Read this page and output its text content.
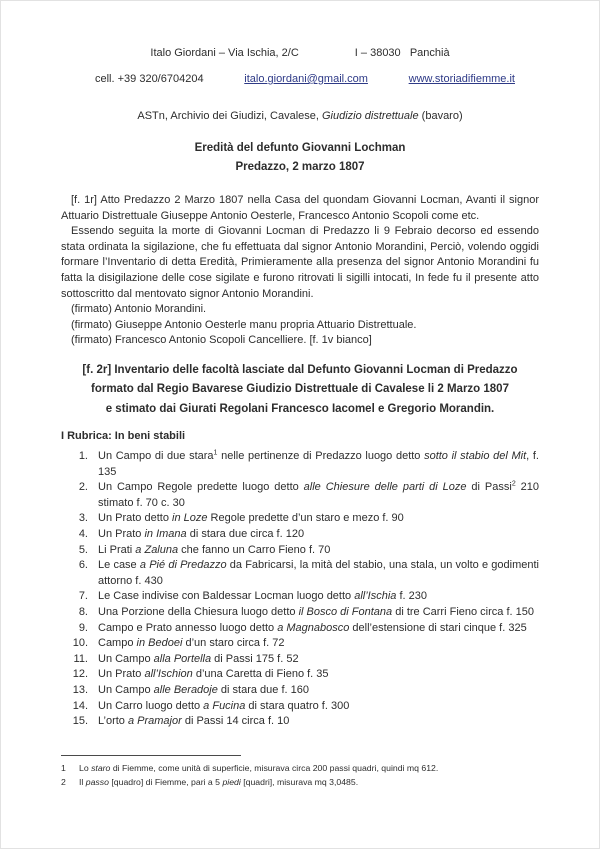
Italo Giordani – Via Ischia, 2/C	I – 38030   Panchià
cell. +39 320/6704204	italo.giordani@gmail.com	www.storiadifiemme.it
ASTn, Archivio dei Giudizi, Cavalese, Giudizio distrettuale (bavaro)
Eredità del defunto Giovanni Lochman
Predazzo, 2 marzo 1807
[f. 1r] Atto Predazzo 2 Marzo 1807 nella Casa del quondam Giovanni Locman, Avanti il signor Attuario Distrettuale Giuseppe Antonio Oesterle, Francesco Antonio Scopoli come etc.
Essendo seguita la morte di Giovanni Locman di Predazzo li 9 Febraio decorso ed essendo stata ordinata la sigilazione, che fu effettuata dal signor Antonio Morandini, Perciò, volendo oggidi formare l’Inventario di detta Eredità, Primieramente alla presenza del signor Antonio Morandini fu fatta la disigilazione delle cose sigilate e furono ritrovati li sigilli intocati, In fede fu il presente atto sottoscritto dal mentovato signor Antonio Morandini.
(firmato) Antonio Morandini.
(firmato) Giuseppe Antonio Oesterle manu propria Attuario Distrettuale.
(firmato) Francesco Antonio Scopoli Cancelliere. [f. 1v bianco]
[f. 2r] Inventario delle facoltà lasciate dal Defunto Giovanni Locman di Predazzo
formato dal Regio Bavarese Giudizio Distrettuale di Cavalese li 2 Marzo 1807
e stimato dai Giurati Regolani Francesco Iacomel e Gregorio Morandin.
I Rubrica: In beni stabili
1. Un Campo di due stara$^1$ nelle pertinenze di Predazzo luogo detto sotto il stabio del Mit, f. 135
2. Un Campo Regole predette luogo detto alle Chiesure delle parti di Loze di Passi$^2$ 210 stimato f. 70 c. 30
3. Un Prato detto in Loze Regole predette d’un staro e mezo f. 90
4. Un Prato in Imana di stara due circa f. 120
5. Li Prati a Zaluna che fanno un Carro Fieno f. 70
6. Le case a Pié di Predazzo da Fabricarsi, la mità del stabio, una stala, un volto e godimenti attorno f. 430
7. Le Case indivise con Baldessar Locman luogo detto all’Ischia f. 230
8. Una Porzione della Chiesura luogo detto il Bosco di Fontana di tre Carri Fieno circa f. 150
9. Campo e Prato annesso luogo detto a Magnabosco dell’estensione di stari cinque f. 325
10. Campo in Bedoei d’un staro circa f. 72
11. Un Campo alla Portella di Passi 175 f. 52
12. Un Prato all’Ischion d’una Caretta di Fieno f. 35
13. Un Campo alle Beradoje di stara due f. 160
14. Un Carro luogo detto a Fucina di stara quatro f. 300
15. L’orto a Pramajor di Passi 14 circa f. 10
1	Lo staro di Fiemme, come unità di superficie, misurava circa 200 passi quadri, quindi mq 612.
2	Il passo [quadro] di Fiemme, pari a 5 piedi [quadri], misurava mq 3,0485.
